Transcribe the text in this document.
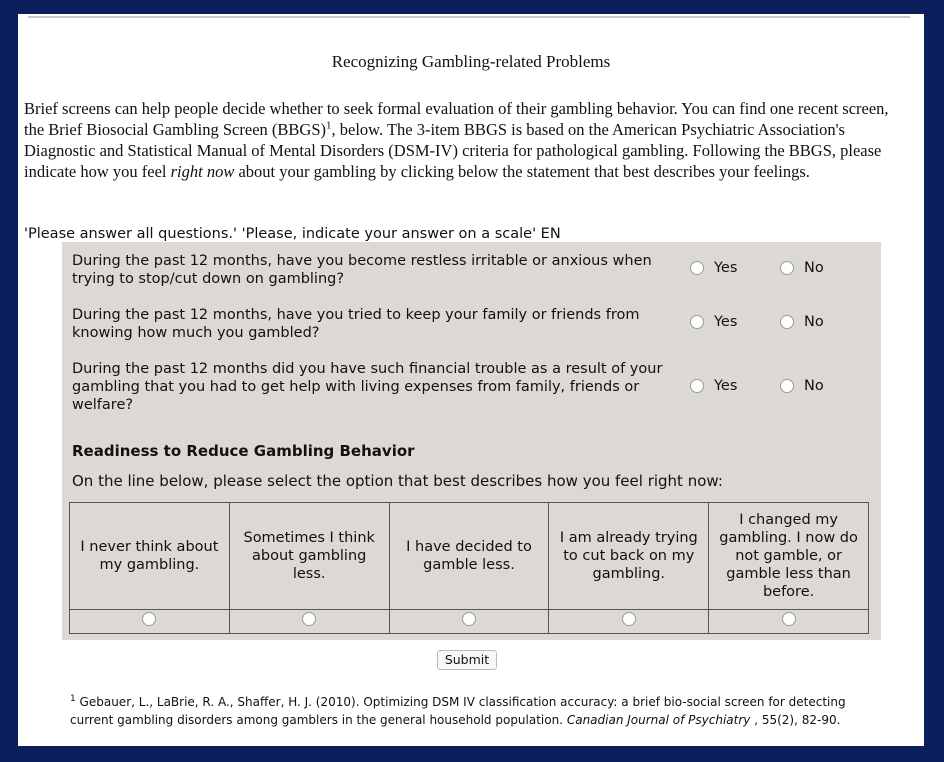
Recognizing Gambling-related Problems
Brief screens can help people decide whether to seek formal evaluation of their gambling behavior. You can find one recent screen, the Brief Biosocial Gambling Screen (BBGS)$^1$, below. The 3-item BBGS is based on the American Psychiatric Association's Diagnostic and Statistical Manual of Mental Disorders (DSM-IV) criteria for pathological gambling. Following the BBGS, please indicate how you feel right now about your gambling by clicking below the statement that best describes your feelings.
'Please answer all questions.' 'Please, indicate your answer on a scale' EN
During the past 12 months, have you become restless irritable or anxious when trying to stop/cut down on gambling?
Yes	No
During the past 12 months, have you tried to keep your family or friends from knowing how much you gambled?
Yes	No
During the past 12 months did you have such financial trouble as a result of your gambling that you had to get help with living expenses from family, friends or welfare?
Yes	No
Readiness to Reduce Gambling Behavior
On the line below, please select the option that best describes how you feel right now:
I never think about my gambling.	Sometimes I think about gambling less.	I have decided to gamble less.	I am already trying to cut back on my gambling.	I changed my gambling. I now do not gamble, or gamble less than before.

Submit
$^1$ Gebauer, L., LaBrie, R. A., Shaffer, H. J. (2010). Optimizing DSM IV classification accuracy: a brief bio-social screen for detecting current gambling disorders among gamblers in the general household population. Canadian Journal of Psychiatry , 55(2), 82-90.
